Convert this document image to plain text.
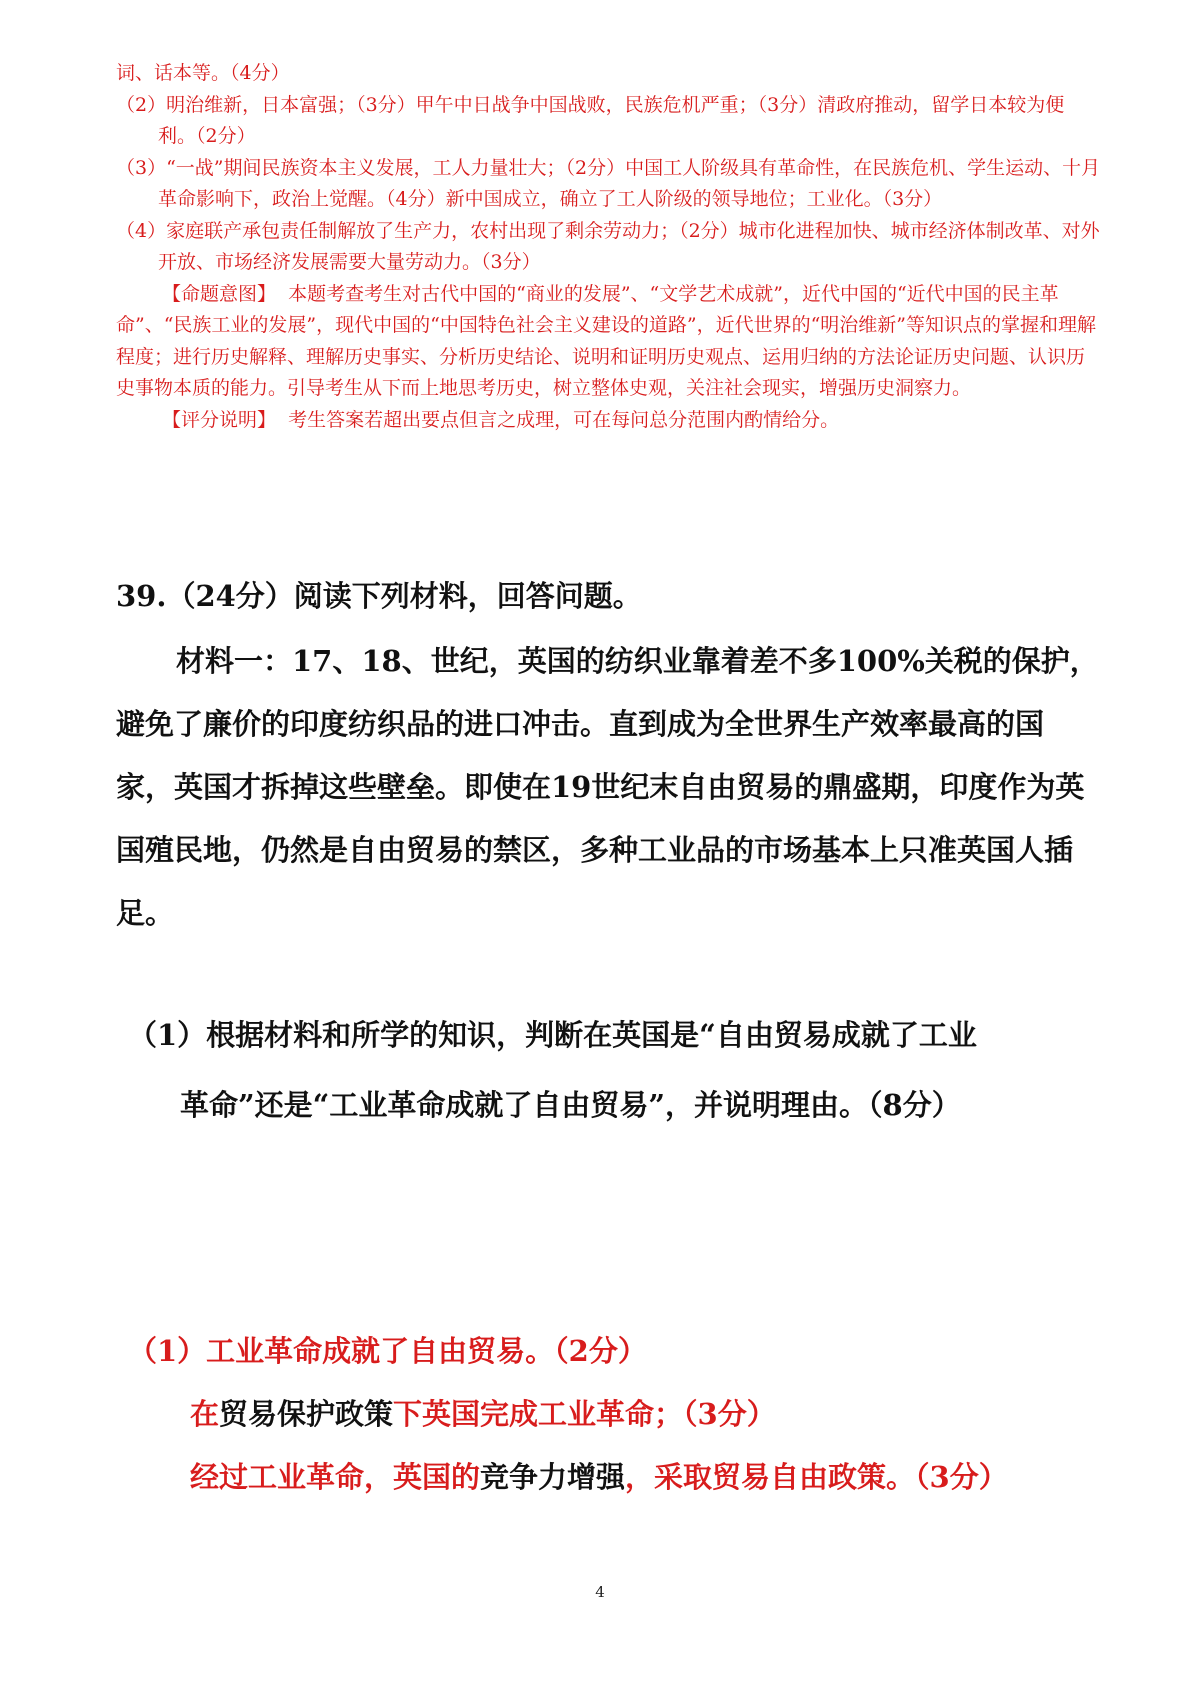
词、话本等。（4分）

（2）明治维新，日本富强；（3分）甲午中日战争中国战败，民族危机严重；（3分）清政府推动，留学日本较为便利。（2分）

（3）“一战”期间民族资本主义发展，工人力量壮大；（2分）中国工人阶级具有革命性，在民族危机、学生运动、十月革命影响下，政治上觉醒。（4分）新中国成立，确立了工人阶级的领导地位；工业化。（3分）

（4）家庭联产承包责任制解放了生产力，农村出现了剩余劳动力；（2分）城市化进程加快、城市经济体制改革、对外开放、市场经济发展需要大量劳动力。（3分）

【命题意图】 本题考查考生对古代中国的“商业的发展”、“文学艺术成就”，近代中国的“近代中国的民主革命”、“民族工业的发展”，现代中国的“中国特色社会主义建设的道路”，近代世界的“明治维新”等知识点的掌握和理解程度；进行历史解释、理解历史事实、分析历史结论、说明和证明历史观点、运用归纳的方法论证历史问题、认识历史事物本质的能力。引导考生从下而上地思考历史，树立整体史观，关注社会现实，增强历史洞察力。

【评分说明】 考生答案若超出要点但言之成理，可在每问总分范围内酌情给分。

39.（24分）阅读下列材料，回答问题。

材料一：17、18、世纪，英国的纺织业靠着差不多100%关税的保护，避免了廉价的印度纺织品的进口冲击。直到成为全世界生产效率最高的国家，英国才拆掉这些壁垒。即使在19世纪末自由贸易的鼎盛期，印度作为英国殖民地，仍然是自由贸易的禁区，多种工业品的市场基本上只准英国人插足。

（1）根据材料和所学的知识，判断在英国是“自由贸易成就了工业
革命”还是“工业革命成就了自由贸易”，并说明理由。（8分）
（1）工业革命成就了自由贸易。（2分）
在贸易保护政策下英国完成工业革命；（3分）
经过工业革命，英国的竞争力增强，采取贸易自由政策。（3分）
4
